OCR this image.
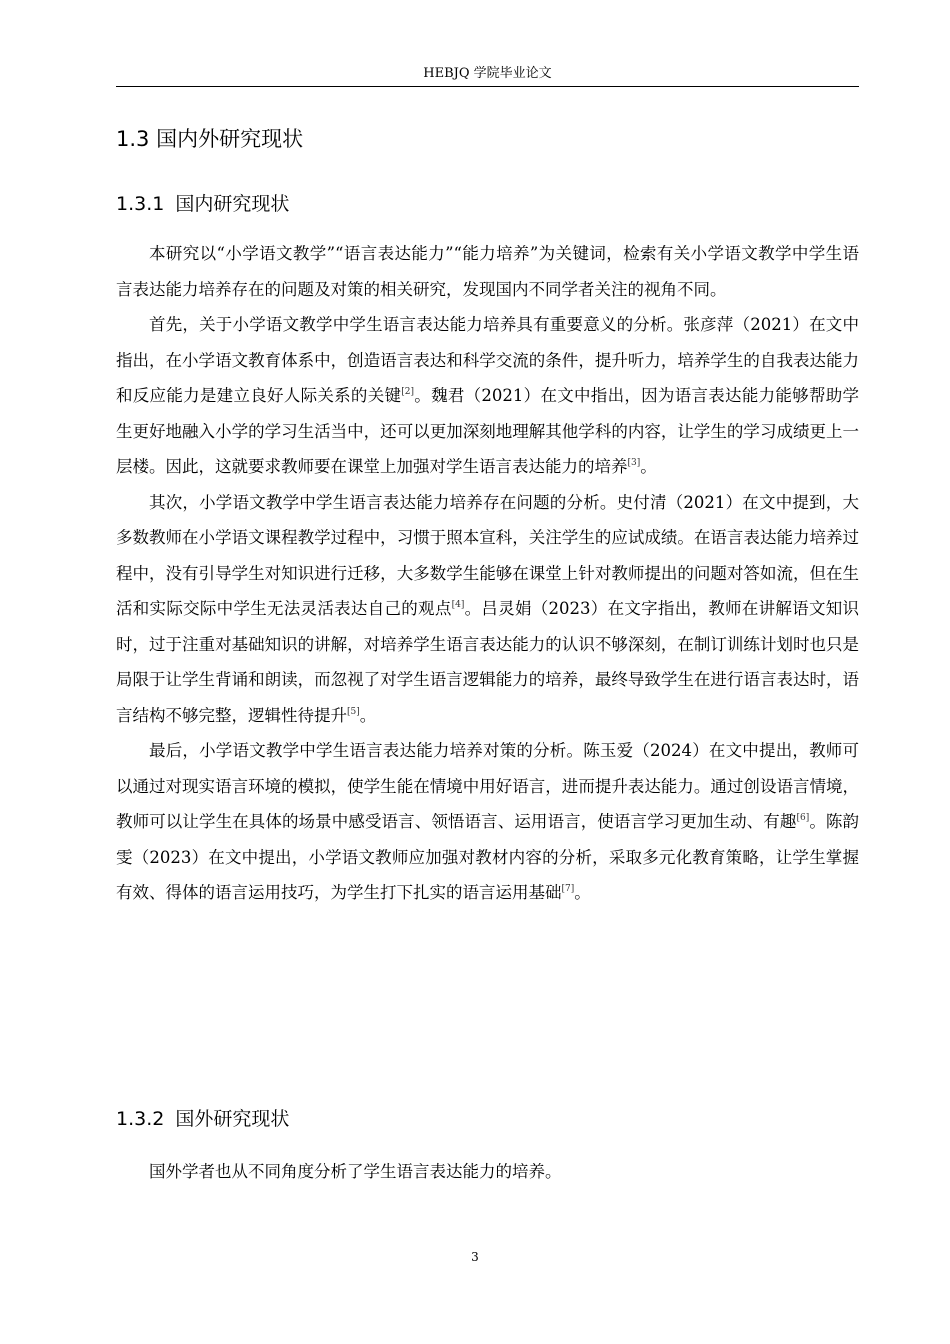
HEBJQ 学院毕业论文
1.3 国内外研究现状
1.3.1 国内研究现状

本研究以“小学语文教学”“语言表达能力”“能力培养”为关键词，检索有关小学语文教学中学生语言表达能力培养存在的问题及对策的相关研究，发现国内不同学者关注的视角不同。

首先，关于小学语文教学中学生语言表达能力培养具有重要意义的分析。张彦萍（2021）在文中指出，在小学语文教育体系中，创造语言表达和科学交流的条件，提升听力，培养学生的自我表达能力和反应能力是建立良好人际关系的关键[2]。魏君（2021）在文中指出，因为语言表达能力能够帮助学生更好地融入小学的学习生活当中，还可以更加深刻地理解其他学科的内容，让学生的学习成绩更上一层楼。因此，这就要求教师要在课堂上加强对学生语言表达能力的培养[3]。

其次，小学语文教学中学生语言表达能力培养存在问题的分析。史付清（2021）在文中提到，大多数教师在小学语文课程教学过程中，习惯于照本宣科，关注学生的应试成绩。在语言表达能力培养过程中，没有引导学生对知识进行迁移，大多数学生能够在课堂上针对教师提出的问题对答如流，但在生活和实际交际中学生无法灵活表达自己的观点[4]。吕灵娟（2023）在文字指出，教师在讲解语文知识时，过于注重对基础知识的讲解，对培养学生语言表达能力的认识不够深刻，在制订训练计划时也只是局限于让学生背诵和朗读，而忽视了对学生语言逻辑能力的培养，最终导致学生在进行语言表达时，语言结构不够完整，逻辑性待提升[5]。

最后，小学语文教学中学生语言表达能力培养对策的分析。陈玉爱（2024）在文中提出，教师可以通过对现实语言环境的模拟，使学生能在情境中用好语言，进而提升表达能力。通过创设语言情境，教师可以让学生在具体的场景中感受语言、领悟语言、运用语言，使语言学习更加生动、有趣[6]。陈韵雯（2023）在文中提出，小学语文教师应加强对教材内容的分析，采取多元化教育策略，让学生掌握有效、得体的语言运用技巧，为学生打下扎实的语言运用基础[7]。

1.3.2 国外研究现状

国外学者也从不同角度分析了学生语言表达能力的培养。

3
